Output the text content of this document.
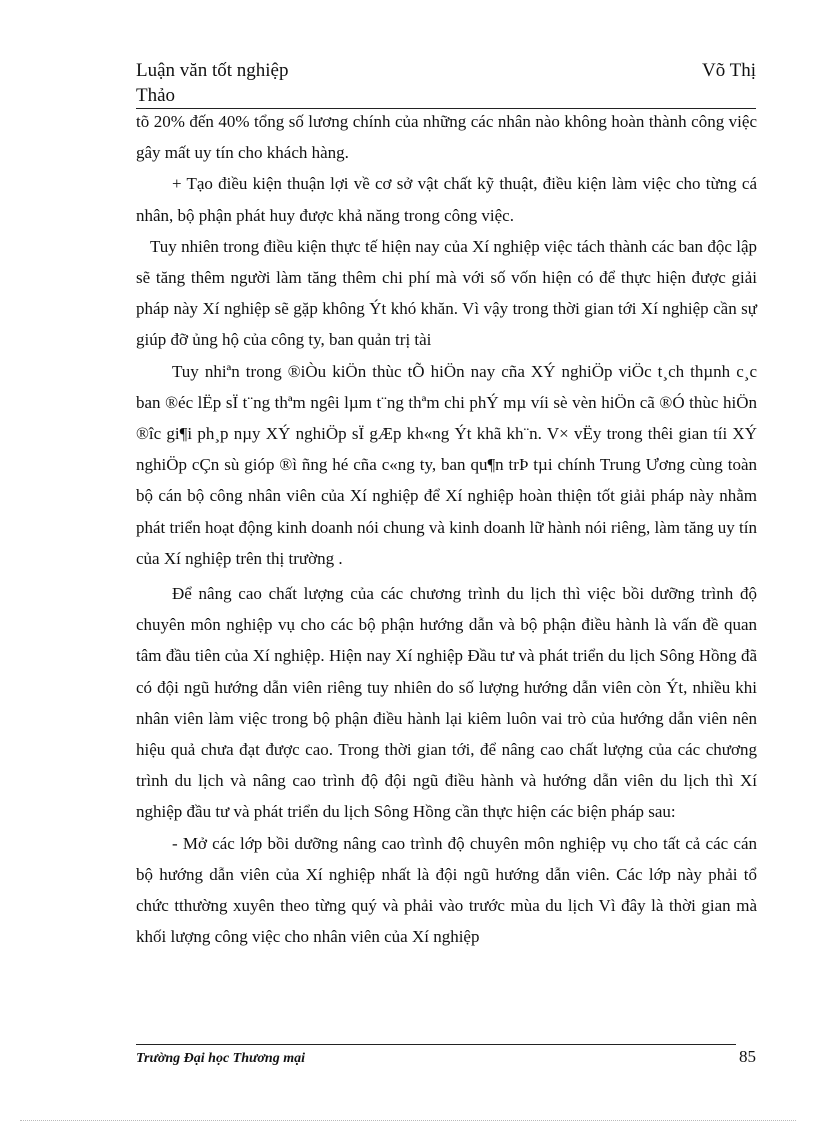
Luận văn tốt nghiệp
Thảo
Võ Thị

tõ 20% đến 40% tổng số lương chính của những các nhân nào không hoàn thành công việc gây mất uy tín cho khách hàng.

+ Tạo điều kiện thuận lợi về cơ sở vật chất kỹ thuật, điều kiện làm việc cho từng cá nhân, bộ phận phát huy được khả năng trong công việc.

Tuy nhiên trong điều kiện thực tế hiện nay của Xí nghiệp việc tách thành các ban độc lập sẽ tăng thêm người làm tăng thêm chi phí mà với số vốn hiện có để thực hiện được giải pháp này Xí nghiệp sẽ gặp không Ýt khó khăn. Vì vậy trong thời gian tới Xí nghiệp cần sự giúp đỡ ủng hộ của công ty, ban quản trị tài

Tuy nhiªn trong ®iÒu kiÖn thùc tÕ hiÖn nay cña XÝ nghiÖp viÖc t¸ch thµnh c¸c ban ®éc lËp sÏ t¨ng thªm ngêi lµm t¨ng thªm chi phÝ mµ víi sè vèn hiÖn cã ®Ó thùc hiÖn ®îc gi¶i ph¸p nµy XÝ nghiÖp sÏ gÆp kh«ng Ýt khã kh¨n. V× vËy trong thêi gian tíi XÝ nghiÖp cÇn sù gióp ®ì ñng hé cña c«ng ty, ban qu¶n trÞ tµi chính Trung Ương cùng toàn bộ cán bộ công nhân viên của Xí nghiệp để Xí nghiệp hoàn thiện tốt giải pháp này nhằm phát triển hoạt động kinh doanh nói chung và kinh doanh lữ hành nói riêng, làm tăng uy tín của Xí nghiệp trên thị trường .

Để nâng cao chất lượng của các chương trình du lịch thì việc bồi dưỡng trình độ chuyên môn nghiệp vụ cho các bộ phận hướng dẫn và bộ phận điều hành là vấn đề quan tâm đầu tiên của Xí nghiệp. Hiện nay Xí nghiệp Đầu tư và phát triển du lịch Sông Hồng đã có đội ngũ hướng dẫn viên riêng tuy nhiên do số lượng hướng dẫn viên còn Ýt, nhiều khi nhân viên làm việc trong bộ phận điều hành lại kiêm luôn vai trò của hướng dẫn viên nên hiệu quả chưa đạt được cao. Trong thời gian tới, để nâng cao chất lượng của các chương trình du lịch và nâng cao trình độ đội ngũ điều hành và hướng dẫn viên du lịch thì Xí nghiệp đầu tư và phát triển du lịch Sông Hồng cần thực hiện các biện pháp sau:

- Mở các lớp bồi dưỡng nâng cao trình độ chuyên môn nghiệp vụ cho tất cả các cán bộ hướng dẫn viên của Xí nghiệp nhất là đội ngũ hướng dẫn viên. Các lớp này phải tổ chức tthường xuyên theo từng quý và phải vào trước mùa du lịch Vì đây là thời gian mà khối lượng công việc cho nhân viên của Xí nghiệp

Trường Đại học Thương mại	85
